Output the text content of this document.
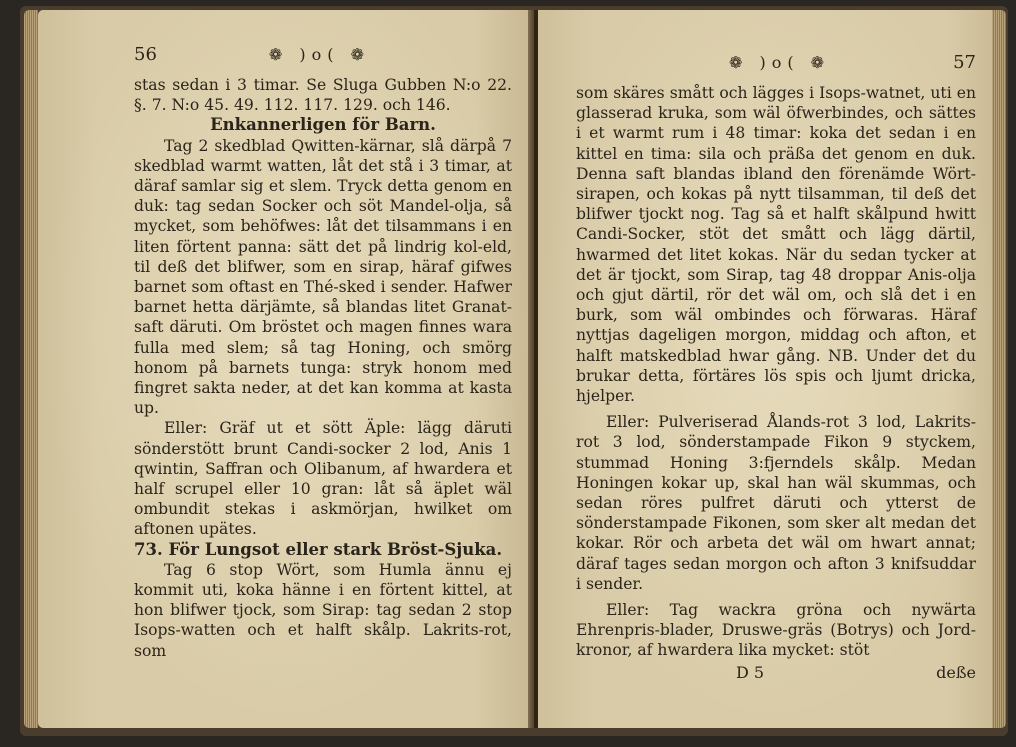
56	❁ )o( ❁

stas sedan i 3 timar. Se Sluga Gubben N:o 22. §. 7. N:o 45. 49. 112. 117. 129. och 146.

Enkannerligen för Barn.

Tag 2 skedblad Qwitten-kärnar, slå därpå 7 skedblad warmt watten, låt det stå i 3 timar, at däraf samlar sig et slem. Tryck detta genom en duk: tag sedan Socker och söt Mandel-olja, så mycket, som behöfwes: låt det tilsammans i en liten förtent panna: sätt det på lindrig kol-eld, til deß det blifwer, som en sirap, häraf gifwes barnet som oftast en Thé-sked i sender. Hafwer barnet hetta därjämte, så blandas litet Granat-saft däruti. Om bröstet och magen finnes wara fulla med slem; så tag Honing, och smörg honom på barnets tunga: stryk honom med fingret sakta neder, at det kan komma at kasta up.

Eller: Gräf ut et sött Äple: lägg däruti sönderstött brunt Candi-socker 2 lod, Anis 1 qwintin, Saffran och Olibanum, af hwardera et half scrupel eller 10 gran: låt så äplet wäl ombundit stekas i askmörjan, hwilket om aftonen upätes.

73. För Lungsot eller stark Bröst-Sjuka.

Tag 6 stop Wört, som Humla ännu ej kommit uti, koka hänne i en förtent kittel, at hon blifwer tjock, som Sirap: tag sedan 2 stop Isops-watten och et halft skålp. Lakrits-rot, som

❁ )o( ❁	57

som skäres smått och lägges i Isops-watnet, uti en glasserad kruka, som wäl öfwerbindes, och sättes i et warmt rum i 48 timar: koka det sedan i en kittel en tima: sila och präßa det genom en duk. Denna saft blandas ibland den förenämde Wört-sirapen, och kokas på nytt tilsamman, til deß det blifwer tjockt nog. Tag så et halft skålpund hwitt Candi-Socker, stöt det smått och lägg därtil, hwarmed det litet kokas. När du sedan tycker at det är tjockt, som Sirap, tag 48 droppar Anis-olja och gjut därtil, rör det wäl om, och slå det i en burk, som wäl ombindes och förwaras. Häraf nyttjas dageligen morgon, middag och afton, et halft matskedblad hwar gång. NB. Under det du brukar detta, förtäres lös spis och ljumt dricka, hjelper.

Eller: Pulveriserad Ålands-rot 3 lod, Lakrits-rot 3 lod, sönderstampade Fikon 9 styckem, stummad Honing 3:fjerndels skålp. Medan Honingen kokar up, skal han wäl skummas, och sedan röres pulfret däruti och ytterst de sönderstampade Fikonen, som sker alt medan det kokar. Rör och arbeta det wäl om hwart annat; däraf tages sedan morgon och afton 3 knifsuddar i sender.

Eller: Tag wackra gröna och nywärta Ehrenpris-blader, Druswe-gräs (Botrys) och Jord-kronor, af hwardera lika mycket: stöt

D 5	deße
